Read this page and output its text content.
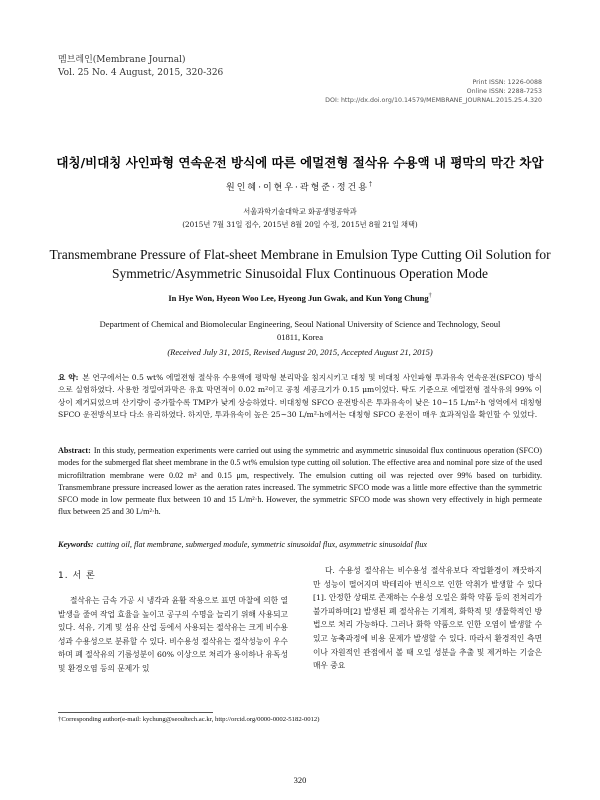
멤브레인(Membrane Journal)
Vol. 25 No. 4 August, 2015, 320-326
Print ISSN: 1226-0088
Online ISSN: 2288-7253
DOI: http://dx.doi.org/10.14579/MEMBRANE_JOURNAL.2015.25.4.320
대칭/비대칭 사인파형 연속운전 방식에 따른 에멀젼형 절삭유 수용액 내 평막의 막간 차압
원인혜·이현우·곽형준·정건용†
서울과학기술대학교 화공생명공학과
(2015년 7월 31일 접수, 2015년 8월 20일 수정, 2015년 8월 21일 채택)
Transmembrane Pressure of Flat-sheet Membrane in Emulsion Type Cutting Oil Solution for
Symmetric/Asymmetric Sinusoidal Flux Continuous Operation Mode
In Hye Won, Hyeon Woo Lee, Hyeong Jun Gwak, and Kun Yong Chung†
Department of Chemical and Biomolecular Engineering, Seoul National University of Science and Technology, Seoul
01811, Korea
(Received July 31, 2015, Revised August 20, 2015, Accepted August 21, 2015)
요 약: 본 연구에서는 0.5 wt% 에멀젼형 절삭유 수용액에 평막형 분리막을 침지시키고 대칭 및 비대칭 사인파형 투과유속 연속운전(SFCO) 방식으로 실험하였다. 사용한 정밀여과막은 유효 막면적이 0.02 m²이고 공칭 세공크기가 0.15 μm이었다. 탁도 기준으로 에멀젼형 절삭유의 99% 이상이 제거되었으며 산기량이 증가할수록 TMP가 낮게 상승하였다. 비대칭형 SFCO 운전방식은 투과유속이 낮은 10~15 L/m²·h 영역에서 대칭형 SFCO 운전방식보다 다소 유리하였다. 하지만, 투과유속이 높은 25~30 L/m²·h에서는 대칭형 SFCO 운전이 매우 효과적임을 확인할 수 있었다.
Abstract: In this study, permeation experiments were carried out using the symmetric and asymmetric sinusoidal flux continuous operation (SFCO) modes for the submerged flat sheet membrane in the 0.5 wt% emulsion type cutting oil solution. The effective area and nominal pore size of the used microfiltration membrane were 0.02 m² and 0.15 μm, respectively. The emulsion cutting oil was rejected over 99% based on turbidity. Transmembrane pressure increased lower as the aeration rates increased. The symmetric SFCO mode was a little more effective than the symmetric SFCO mode in low permeate flux between 10 and 15 L/m²·h. However, the symmetric SFCO mode was shown very effectively in high permeate flux between 25 and 30 L/m²·h.
Keywords: cutting oil, flat membrane, submerged module, symmetric sinusoidal flux, asymmetric sinusoidal flux
1. 서 론
절삭유는 금속 가공 시 냉각과 윤활 작용으로 표면 마찰에 의한 열 발생을 줄여 작업 효율을 높이고 공구의 수명을 늘리기 위해 사용되고 있다. 석유, 기계 및 섬유 산업 등에서 사용되는 절삭유는 크게 비수용성과 수용성으로 분류할 수 있다. 비수용성 절삭유는 절삭성능이 우수하며 폐 절삭유의 기름성분이 60% 이상으로 처리가 용이하나 유독성 및 환경오염 등의 문제가 있
다. 수용성 절삭유는 비수용성 절삭유보다 작업환경이 깨끗하지만 성능이 떨어지며 박테리아 번식으로 인한 악취가 발생할 수 있다[1]. 안정한 상태로 존재하는 수용성 오일은 화학 약품 등의 전처리가 불가피하며[2] 발생된 폐 절삭유는 기계적, 화학적 및 생물학적인 방법으로 처리 가능하다. 그러나 화학 약품으로 인한 오염이 발생할 수 있고 농축과정에 비용 문제가 발생할 수 있다. 따라서 환경적인 측면이나 자원적인 관점에서 볼 때 오일 성분을 추출 및 제거하는 기술은 매우 중요
†Corresponding author(e-mail: kychung@seoultech.ac.kr, http://orcid.org/0000-0002-5182-0012)
320
